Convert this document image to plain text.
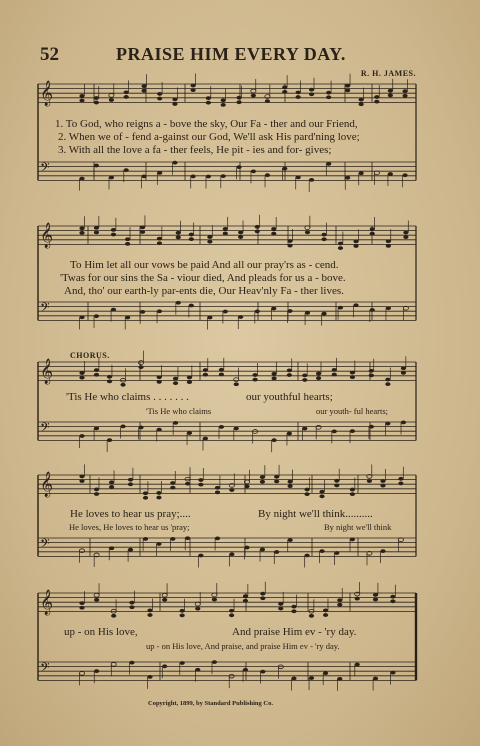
52	PRAISE HIM EVERY DAY.
R. H. JAMES.
𝄞
𝄢
𝄞
𝄢
𝄞
𝄢
𝄞
𝄢
𝄞
𝄢
1. To God, who reigns a - bove the sky, Our Fa - ther and our Friend,
2. When we of - fend a-gainst our God, We'll ask His pard'ning love;
3. With all the love a fa - ther feels, He pit - ies and for- gives;
To Him let all our vows be paid And all our pray'rs as - cend.
'Twas for our sins the Sa - viour died, And pleads for us a - bove.
And, tho' our earth-ly par-ents die, Our Heav'nly Fa - ther lives.
CHORUS.
'Tis He who claims . . . . . . .	our youthful hearts;
'Tis He who claims	our youth- ful hearts;
He loves to hear us pray;....	By night we'll think..........
He loves, He loves to hear us 'pray;	By night we'll think
up - on His love,	And praise Him ev - 'ry day.
up - on His love, And praise, and praise Him ev - 'ry day.
Copyright, 1899, by Standard Publishing Co.
